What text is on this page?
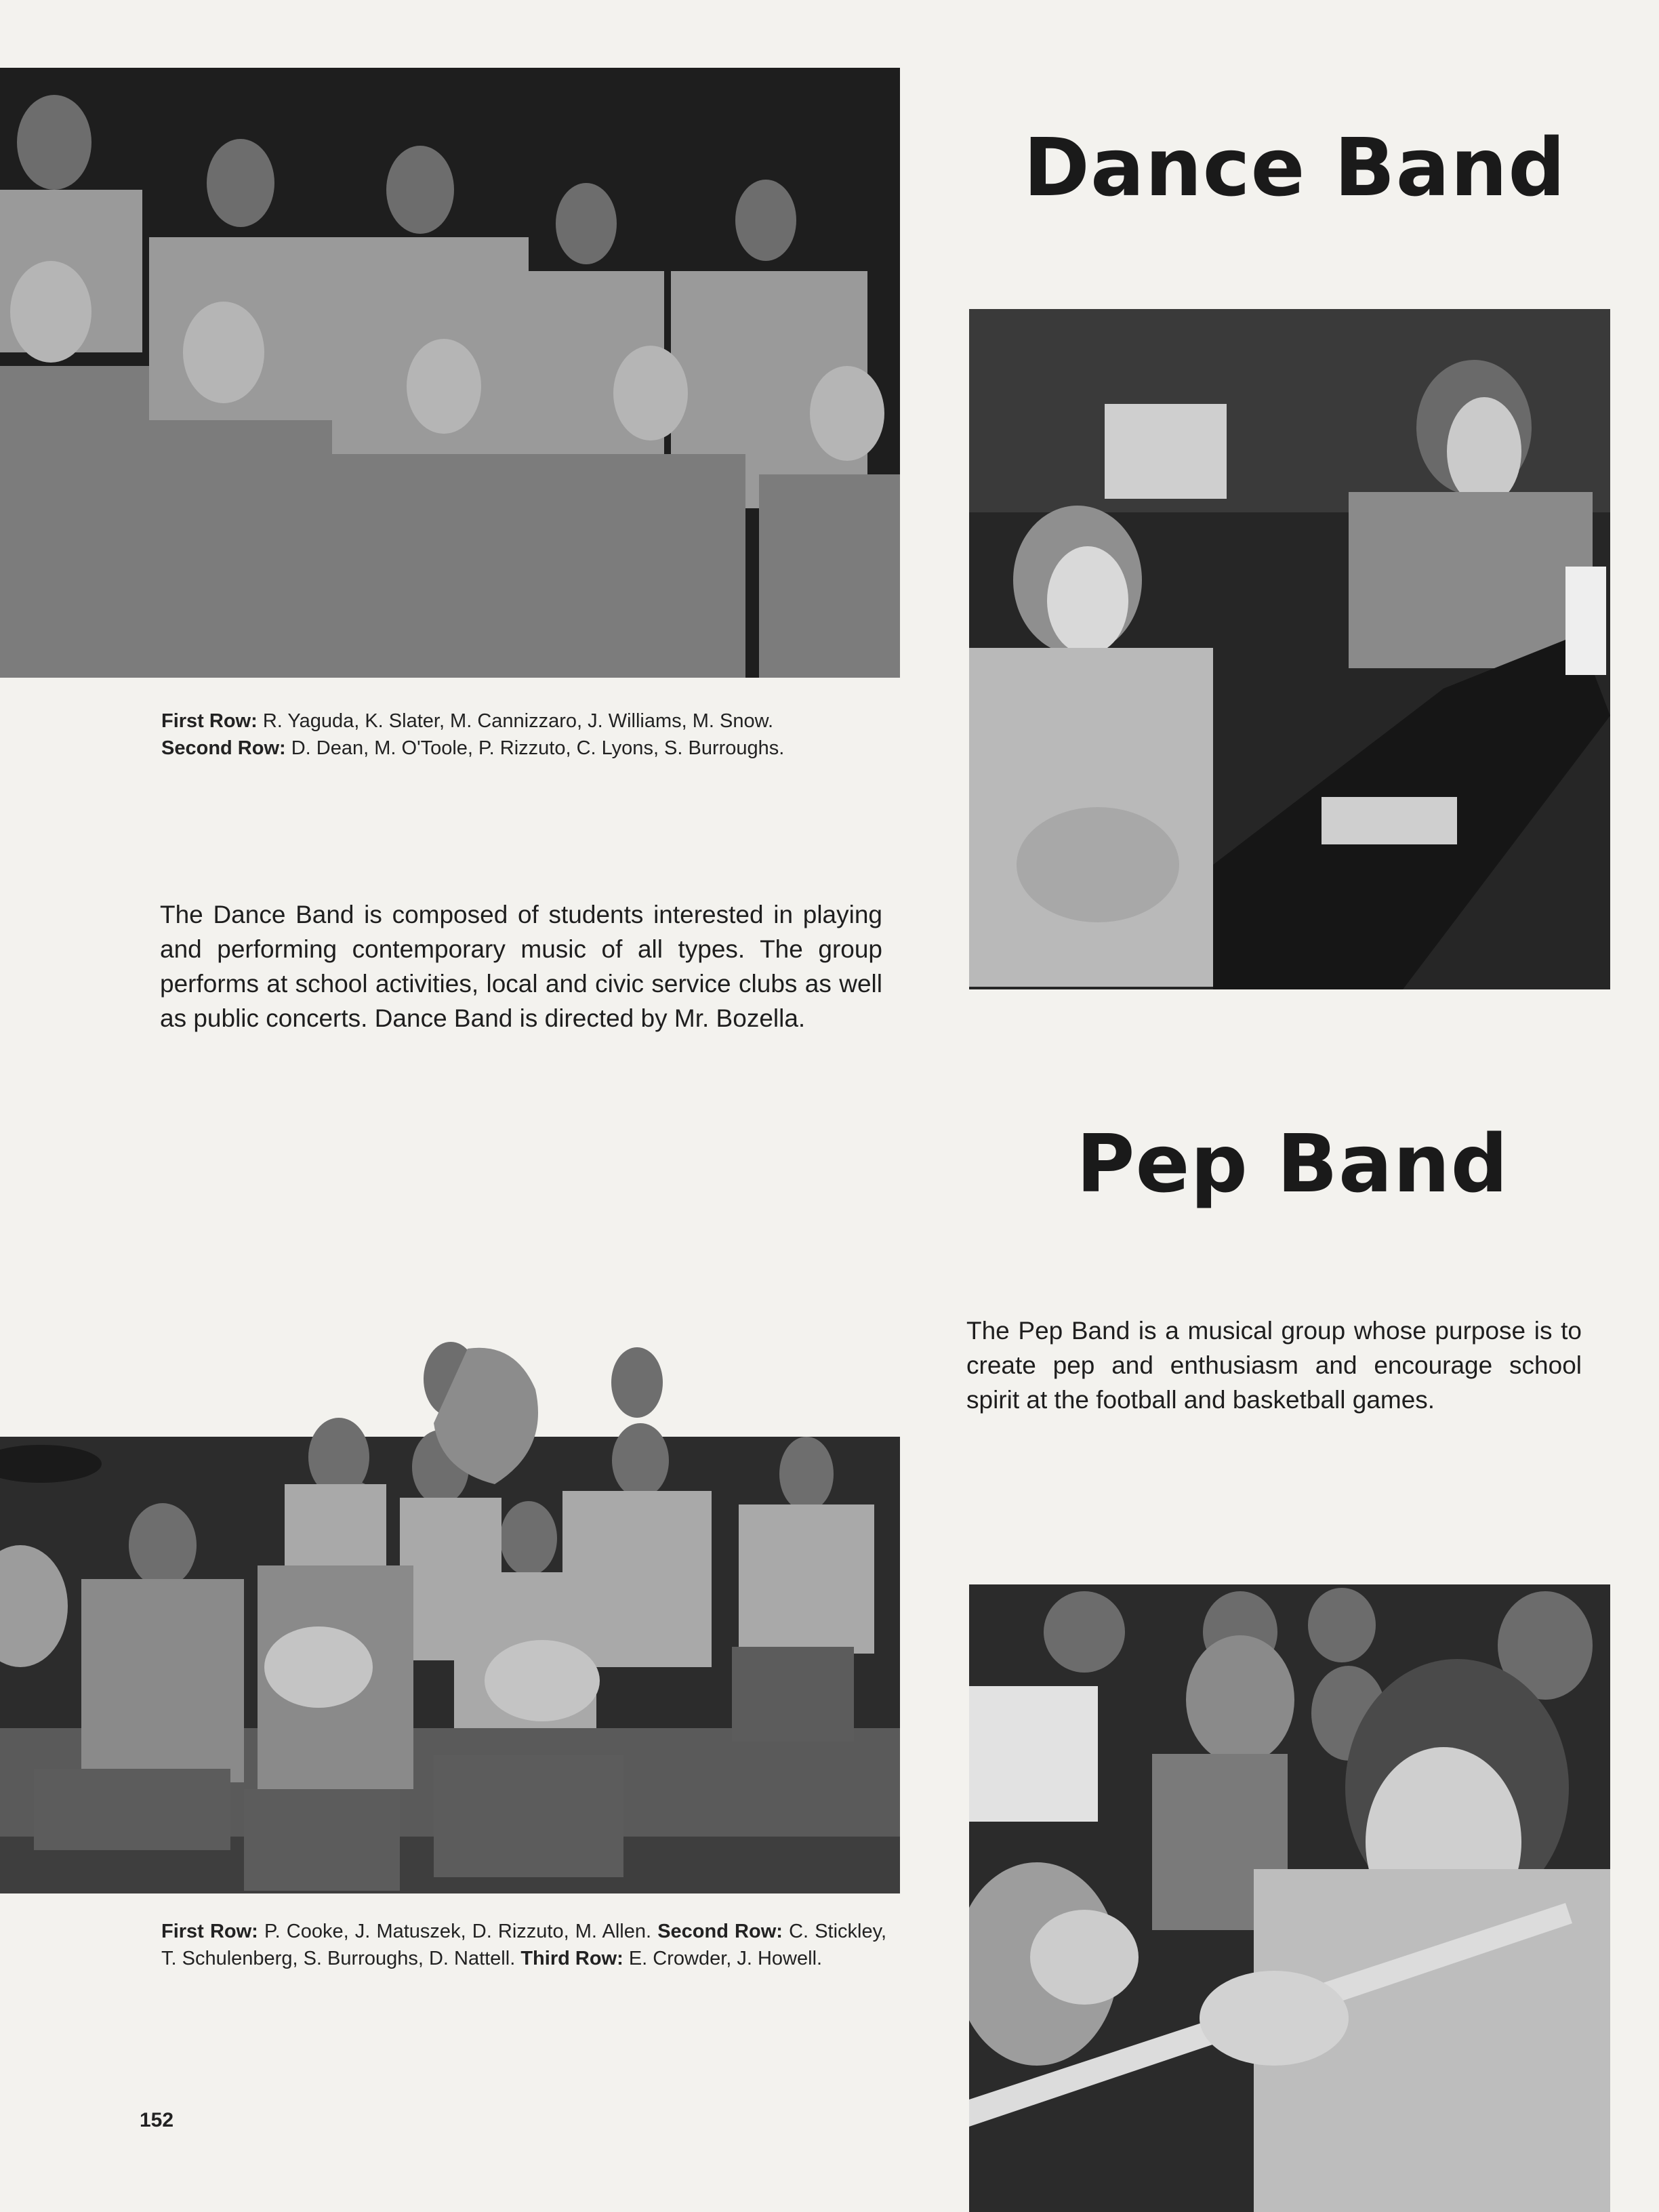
First Row: R. Yaguda, K. Slater, M. Cannizzaro, J. Williams, M. Snow.
Second Row: D. Dean, M. O'Toole, P. Rizzuto, C. Lyons, S. Burroughs.
Dance Band
The Dance Band is composed of students interested in playing and performing contemporary music of all types. The group performs at school activities, local and civic service clubs as well as public concerts. Dance Band is directed by Mr. Bozella.
Pep Band
The Pep Band is a musical group whose purpose is to create pep and enthusiasm and encourage school spirit at the football and basketball games.
First Row: P. Cooke, J. Matuszek, D. Rizzuto, M. Allen. Second Row: C. Stickley, T. Schulenberg, S. Burroughs, D. Nattell. Third Row: E. Crowder, J. Howell.
152
